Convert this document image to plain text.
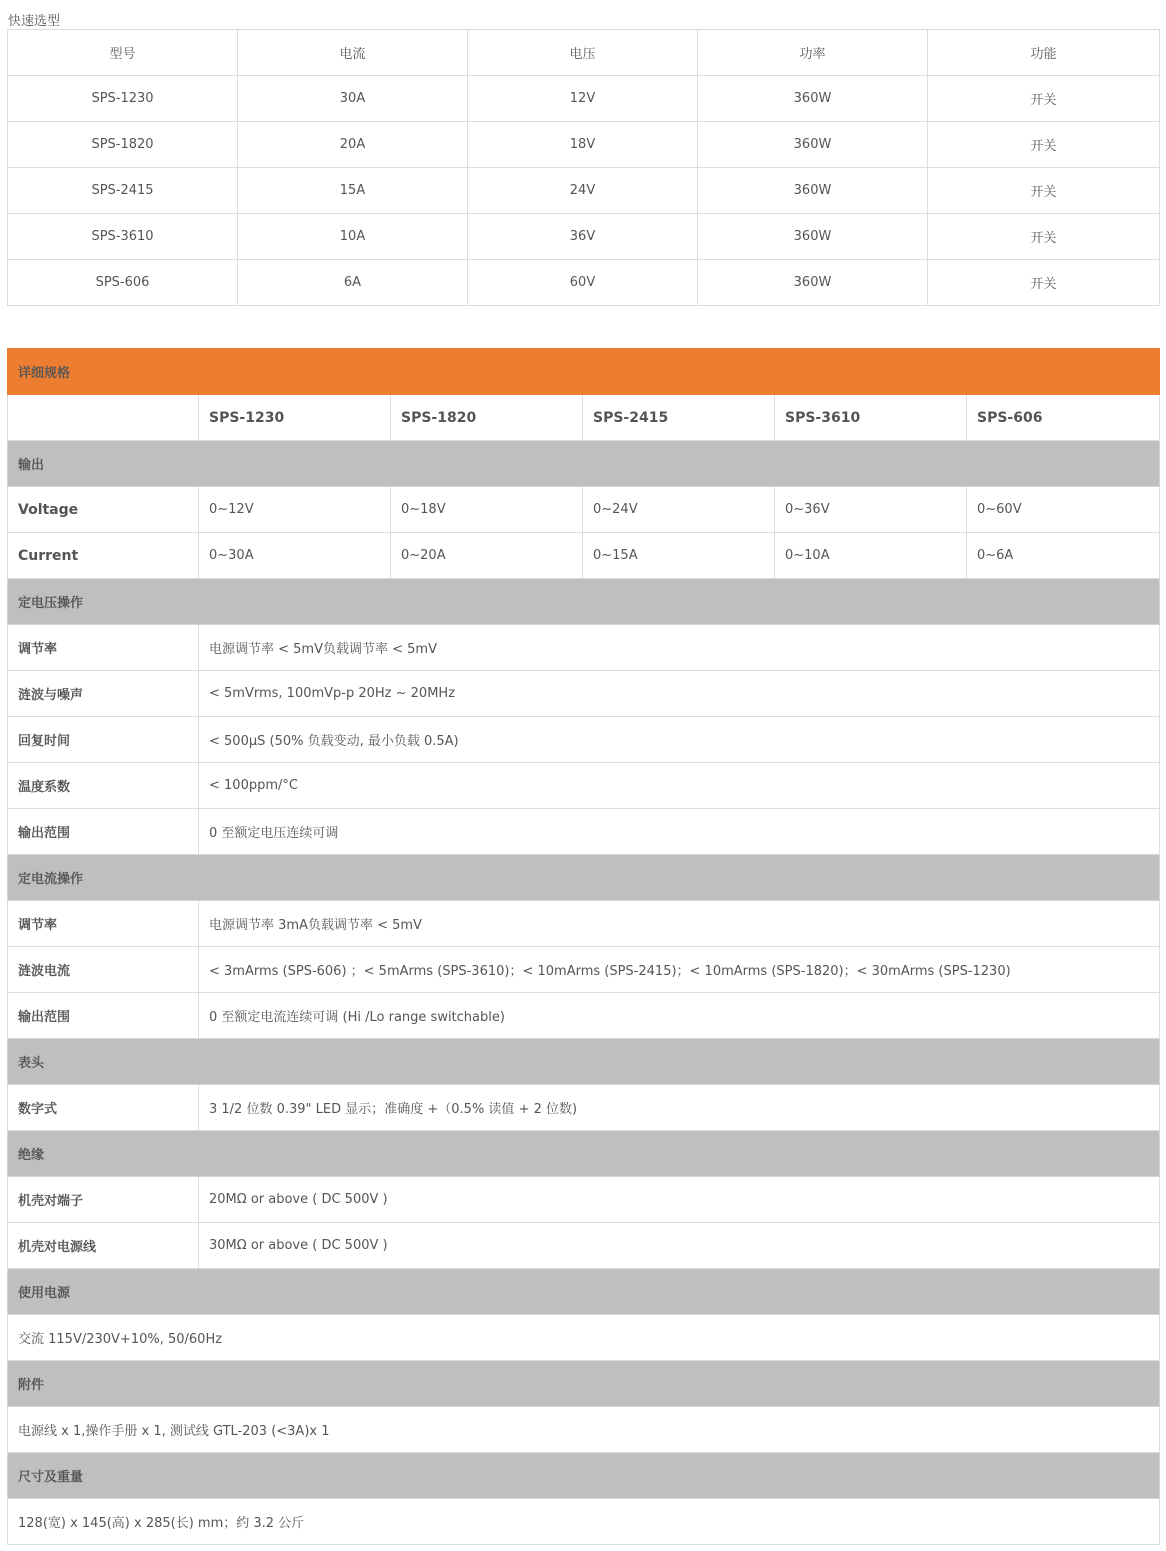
快速选型
型号	电流	电压	功率	功能
SPS-1230	30A	12V	360W	开关
SPS-1820	20A	18V	360W	开关
SPS-2415	15A	24V	360W	开关
SPS-3610	10A	36V	360W	开关
SPS-606	6A	60V	360W	开关
详细规格					
	SPS-1230	SPS-1820	SPS-2415	SPS-3610	SPS-606
输出					
Voltage	0~12V	0~18V	0~24V	0~36V	0~60V
Current	0~30A	0~20A	0~15A	0~10A	0~6A
定电压操作					
调节率	电源调节率 < 5mV负载调节率 < 5mV				
涟波与噪声	< 5mVrms, 100mVp-p 20Hz ~ 20MHz				
回复时间	< 500μS (50% 负载变动, 最小负载 0.5A)				
温度系数	< 100ppm/°C				
输出范围	0 至额定电压连续可调				
定电流操作					
调节率	电源调节率 3mA负载调节率 < 5mV				
涟波电流	< 3mArms (SPS-606) ；< 5mArms (SPS-3610)；< 10mArms (SPS-2415)；< 10mArms (SPS-1820)；< 30mArms (SPS-1230)				
输出范围	0 至额定电流连续可调 (Hi /Lo range switchable)				
表头					
数字式	3 1/2 位数 0.39" LED 显示；准确度 +（0.5% 读值 + 2 位数)				
绝缘					
机壳对端子	20MΩ or above ( DC 500V )				
机壳对电源线	30MΩ or above ( DC 500V )				
使用电源					
交流 115V/230V+10%, 50/60Hz					
附件					
电源线 x 1,操作手册 x 1, 测试线 GTL-203 (<3A)x 1					
尺寸及重量					
128(宽) x 145(高) x 285(长) mm；约 3.2 公斤					
